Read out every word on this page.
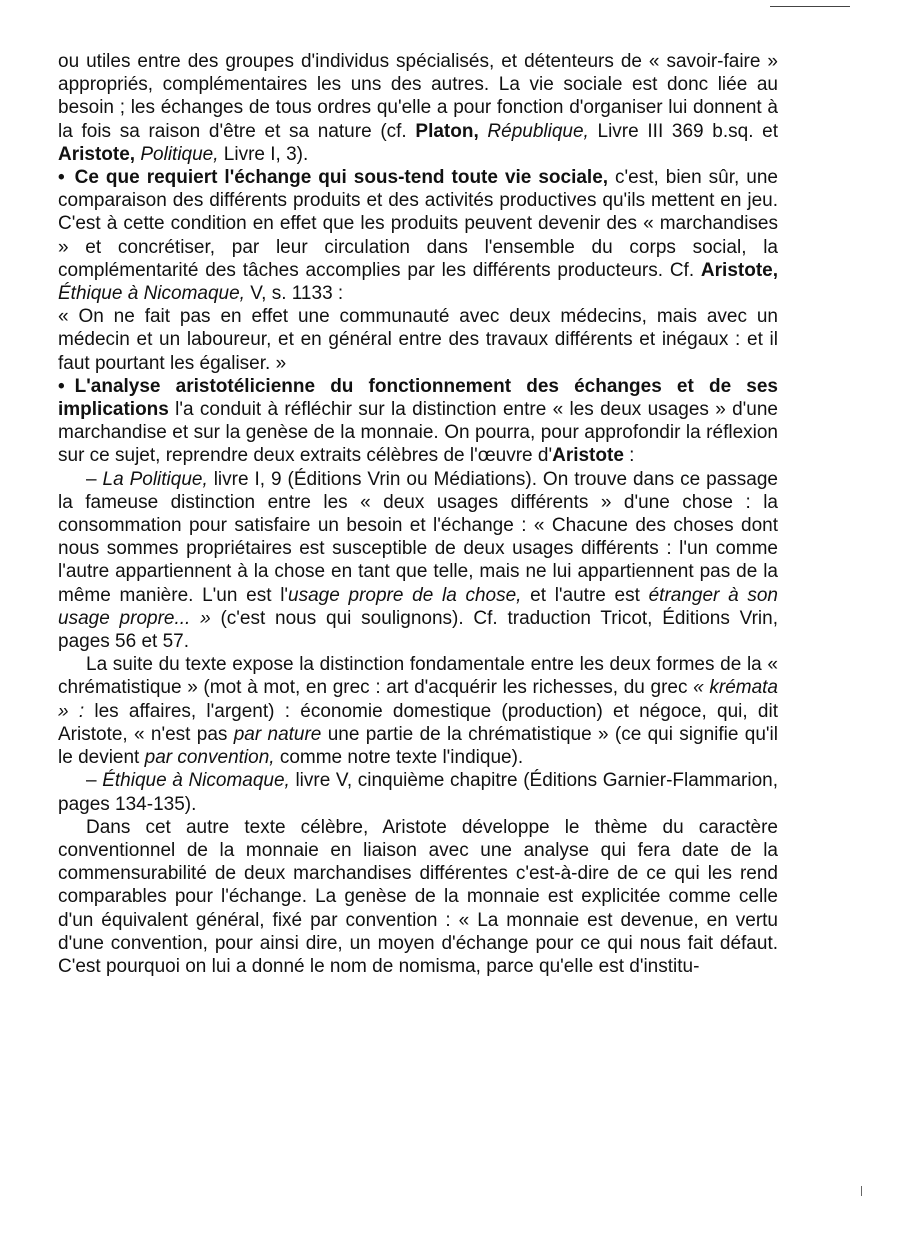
ou utiles entre des groupes d'individus spécialisés, et détenteurs de « savoir-faire » appropriés, complémentaires les uns des autres. La vie sociale est donc liée au besoin ; les échanges de tous ordres qu'elle a pour fonction d'organiser lui donnent à la fois sa raison d'être et sa nature (cf. Platon, République, Livre III 369 b.sq. et Aristote, Politique, Livre I, 3).

• Ce que requiert l'échange qui sous-tend toute vie sociale, c'est, bien sûr, une comparaison des différents produits et des activités productives qu'ils mettent en jeu. C'est à cette condition en effet que les produits peuvent devenir des « marchandises » et concrétiser, par leur circulation dans l'ensemble du corps social, la complémentarité des tâches accomplies par les différents producteurs. Cf. Aristote, Éthique à Nicomaque, V, s. 1133 :

« On ne fait pas en effet une communauté avec deux médecins, mais avec un médecin et un laboureur, et en général entre des travaux différents et inégaux : et il faut pourtant les égaliser. »

• L'analyse aristotélicienne du fonctionnement des échanges et de ses implications l'a conduit à réfléchir sur la distinction entre « les deux usages » d'une marchandise et sur la genèse de la monnaie. On pourra, pour approfondir la réflexion sur ce sujet, reprendre deux extraits célèbres de l'œuvre d'Aristote :

– La Politique, livre I, 9 (Éditions Vrin ou Médiations). On trouve dans ce passage la fameuse distinction entre les « deux usages différents » d'une chose : la consommation pour satisfaire un besoin et l'échange : « Chacune des choses dont nous sommes propriétaires est susceptible de deux usages différents : l'un comme l'autre appartiennent à la chose en tant que telle, mais ne lui appartiennent pas de la même manière. L'un est l'usage propre de la chose, et l'autre est étranger à son usage propre... » (c'est nous qui soulignons). Cf. traduction Tricot, Éditions Vrin, pages 56 et 57.

La suite du texte expose la distinction fondamentale entre les deux formes de la « chrématistique » (mot à mot, en grec : art d'acquérir les richesses, du grec « krémata » : les affaires, l'argent) : économie domestique (production) et négoce, qui, dit Aristote, « n'est pas par nature une partie de la chrématistique » (ce qui signifie qu'il le devient par convention, comme notre texte l'indique).

– Éthique à Nicomaque, livre V, cinquième chapitre (Éditions Garnier-Flammarion, pages 134-135).

Dans cet autre texte célèbre, Aristote développe le thème du caractère conventionnel de la monnaie en liaison avec une analyse qui fera date de la commensurabilité de deux marchandises différentes c'est-à-dire de ce qui les rend comparables pour l'échange. La genèse de la monnaie est explicitée comme celle d'un équivalent général, fixé par convention : « La monnaie est devenue, en vertu d'une convention, pour ainsi dire, un moyen d'échange pour ce qui nous fait défaut. C'est pourquoi on lui a donné le nom de nomisma, parce qu'elle est d'institu-
